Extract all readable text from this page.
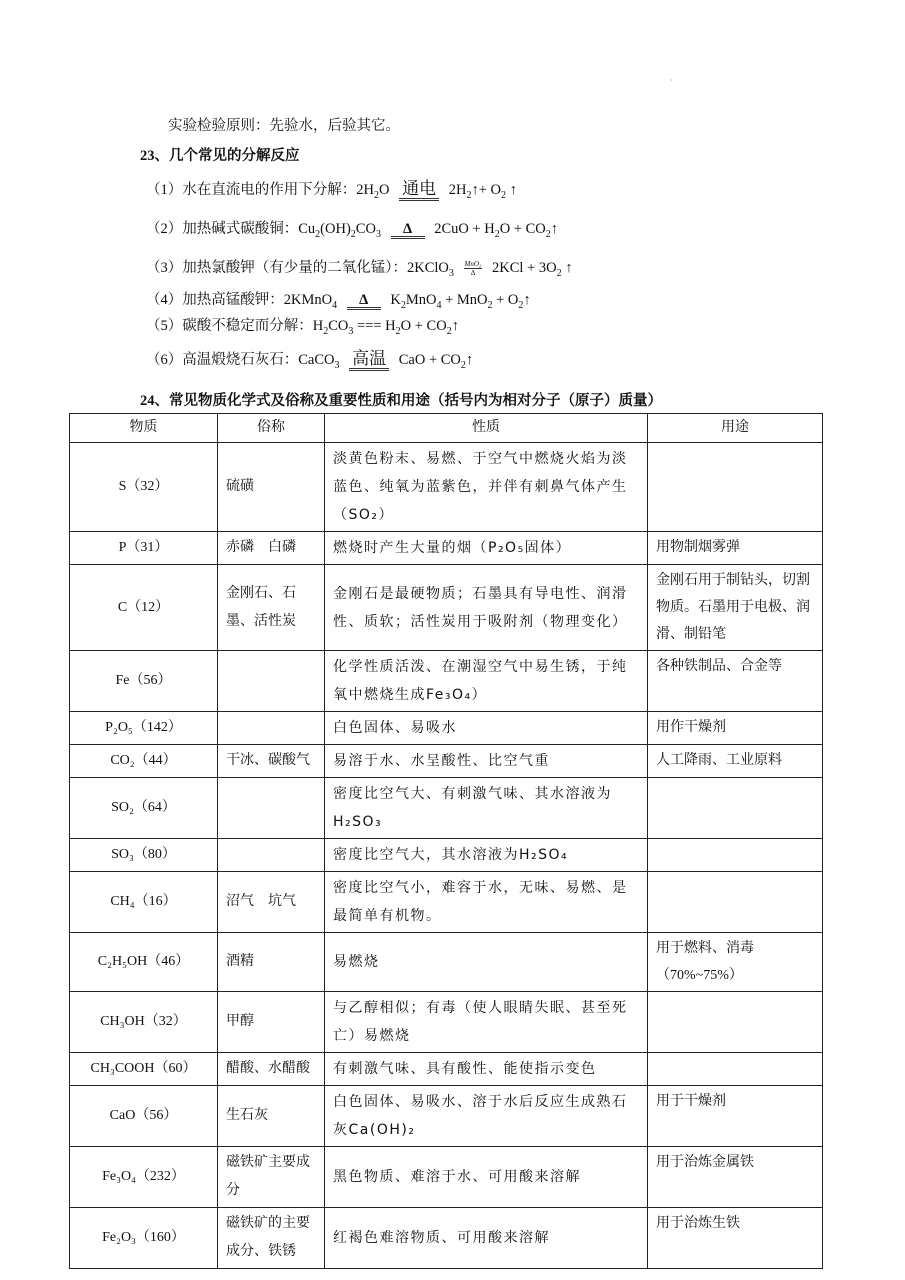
·
实验检验原则：先验水，后验其它。
23、几个常见的分解反应
（1）水在直流电的作用下分解：$2H_2O$ 通电 $2H_2↑+ O_2$ ↑
（2）加热碱式碳酸铜：$Cu_2(OH)_2CO_3$ Δ $2CuO + H_2O$ + $CO_2↑$
（3）加热氯酸钾（有少量的二氧化锰）：2KClO$_3$
MnO₂
Δ	$2KCl + 3O_2$ ↑
（4）加热高锰酸钾：2KMnO$_4$ Δ $K_2MnO_4 + MnO_2$ + $O_2↑$
（5）碳酸不稳定而分解：$H_2CO_3$ === $H_2O$ + $CO_2↑$
（6）高温煅烧石灰石：CaCO$_3$ 高温 CaO + $CO_2↑$
24、常见物质化学式及俗称及重要性质和用途（括号内为相对分子（原子）质量）
物质	俗称	性质	用途
S（32）	硫磺	淡黄色粉末、易燃、于空气中燃烧火焰为淡蓝色、纯氧为蓝紫色，并伴有刺鼻气体产生（SO₂）	
P（31）	赤磷　白磷	燃烧时产生大量的烟（P₂O₅固体）	用物制烟雾弹
C（12）	金刚石、石墨、活性炭	金刚石是最硬物质；石墨具有导电性、润滑性、质软；活性炭用于吸附剂（物理变化）	金刚石用于制钻头，切割物质。石墨用于电极、润滑、制铅笔
Fe（56）		化学性质活泼、在潮湿空气中易生锈，于纯氧中燃烧生成Fe₃O₄）	各种铁制品、合金等
P₂O₅（142）		白色固体、易吸水	用作干燥剂
CO₂（44）	干冰、碳酸气	易溶于水、水呈酸性、比空气重	人工降雨、工业原料
SO₂（64）		密度比空气大、有刺激气味、其水溶液为H₂SO₃	
SO₃（80）		密度比空气大，其水溶液为H₂SO₄	
CH₄（16）	沼气　坑气	密度比空气小，难容于水，无味、易燃、是最简单有机物。	
C₂H₅OH（46）	酒精	易燃烧	用于燃料、消毒（70%~75%）
CH₃OH（32）	甲醇	与乙醇相似；有毒（使人眼睛失眠、甚至死亡）易燃烧	
CH₃COOH（60）	醋酸、水醋酸	有刺激气味、具有酸性、能使指示变色	
CaO（56）	生石灰	白色固体、易吸水、溶于水后反应生成熟石灰Ca(OH)₂	用于干燥剂
Fe₃O₄（232）	磁铁矿主要成分	黑色物质、难溶于水、可用酸来溶解	用于治炼金属铁
Fe₂O₃（160）	磁铁矿的主要成分、铁锈	红褐色难溶物质、可用酸来溶解	用于治炼生铁
